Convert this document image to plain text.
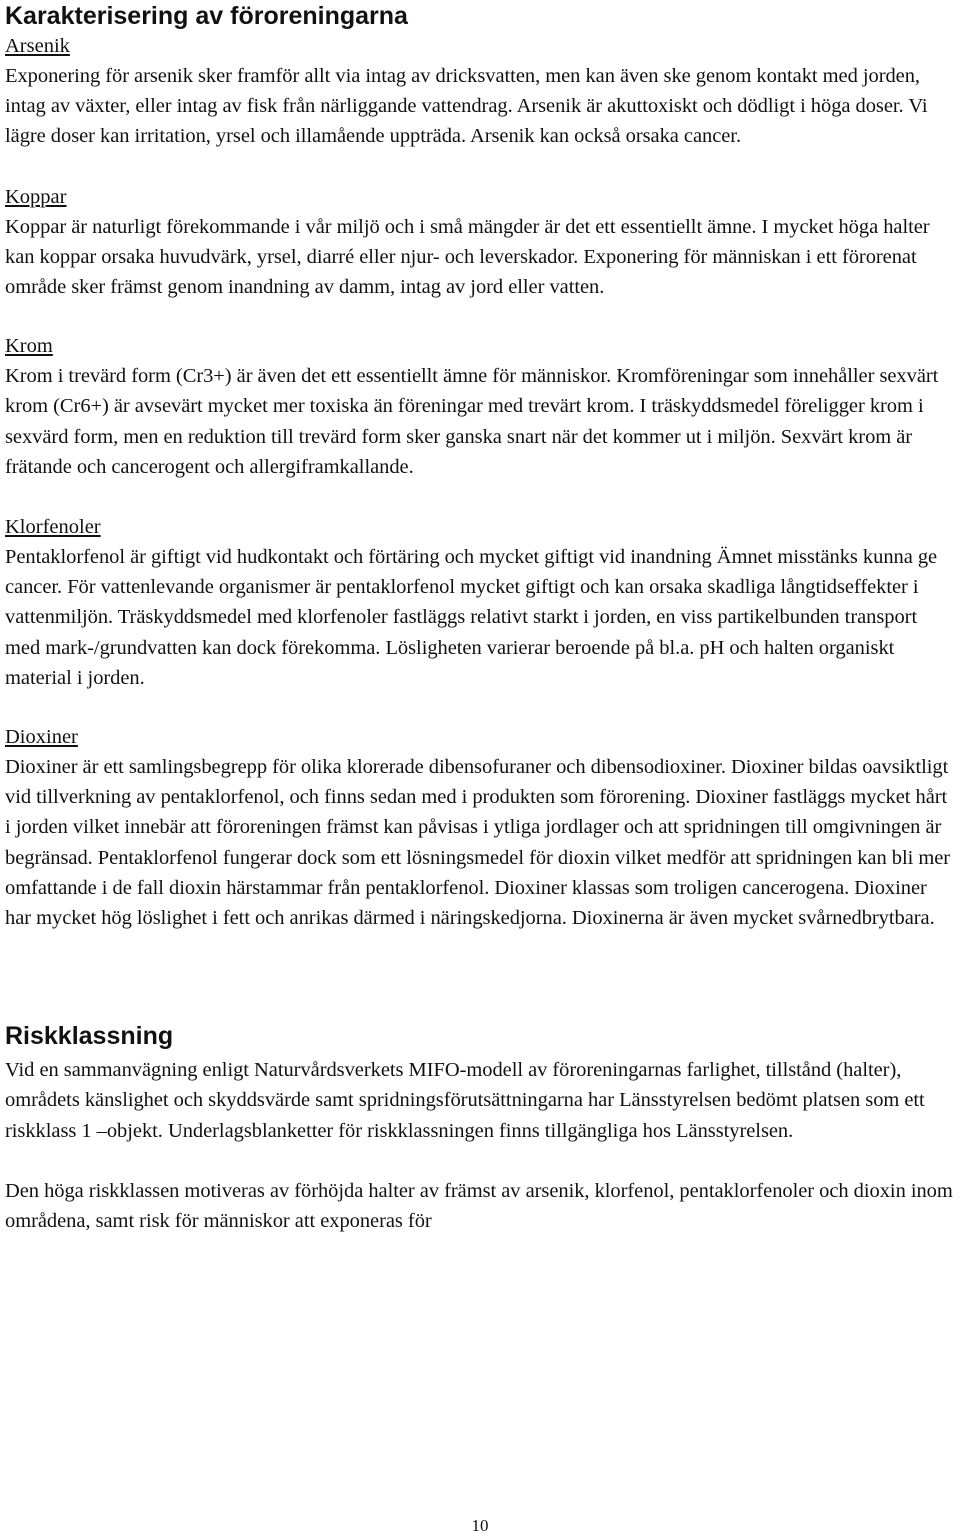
Karakterisering av föroreningarna
Arsenik

Exponering för arsenik sker framför allt via intag av dricksvatten, men kan även ske genom kontakt med jorden, intag av växter, eller intag av fisk från närliggande vattendrag. Arsenik är akuttoxiskt och dödligt i höga doser. Vi lägre doser kan irritation, yrsel och illamående uppträda. Arsenik kan också orsaka cancer.

Koppar

Koppar är naturligt förekommande i vår miljö och i små mängder är det ett essentiellt ämne. I mycket höga halter kan koppar orsaka huvudvärk, yrsel, diarré eller njur- och leverskador. Exponering för människan i ett förorenat område sker främst genom inandning av damm, intag av jord eller vatten.

Krom

Krom i trevärd form (Cr3+) är även det ett essentiellt ämne för människor. Kromföreningar som innehåller sexvärt krom (Cr6+) är avsevärt mycket mer toxiska än föreningar med trevärt krom. I träskyddsmedel föreligger krom i sexvärd form, men en reduktion till trevärd form sker ganska snart när det kommer ut i miljön. Sexvärt krom är frätande och cancerogent och allergiframkallande.

Klorfenoler

Pentaklorfenol är giftigt vid hudkontakt och förtäring och mycket giftigt vid inandning Ämnet misstänks kunna ge cancer. För vattenlevande organismer är pentaklorfenol mycket giftigt och kan orsaka skadliga långtidseffekter i vattenmiljön. Träskyddsmedel med klorfenoler fastläggs relativt starkt i jorden, en viss partikelbunden transport med mark-/grundvatten kan dock förekomma. Lösligheten varierar beroende på bl.a. pH och halten organiskt material i jorden.

Dioxiner

Dioxiner är ett samlingsbegrepp för olika klorerade dibensofuraner och dibensodioxiner. Dioxiner bildas oavsiktligt vid tillverkning av pentaklorfenol, och finns sedan med i produkten som förorening. Dioxiner fastläggs mycket hårt i jorden vilket innebär att föroreningen främst kan påvisas i ytliga jordlager och att spridningen till omgivningen är begränsad. Pentaklorfenol fungerar dock som ett lösningsmedel för dioxin vilket medför att spridningen kan bli mer omfattande i de fall dioxin härstammar från pentaklorfenol. Dioxiner klassas som troligen cancerogena. Dioxiner har mycket hög löslighet i fett och anrikas därmed i näringskedjorna. Dioxinerna är även mycket svårnedbrytbara.

Riskklassning

Vid en sammanvägning enligt Naturvårdsverkets MIFO-modell av föroreningarnas farlighet, tillstånd (halter), områdets känslighet och skyddsvärde samt spridningsförutsättningarna har Länsstyrelsen bedömt platsen som ett riskklass 1 –objekt. Underlagsblanketter för riskklassningen finns tillgängliga hos Länsstyrelsen.

Den höga riskklassen motiveras av förhöjda halter av främst av arsenik, klorfenol, pentaklorfenoler och dioxin inom områdena, samt risk för människor att exponeras för

10
